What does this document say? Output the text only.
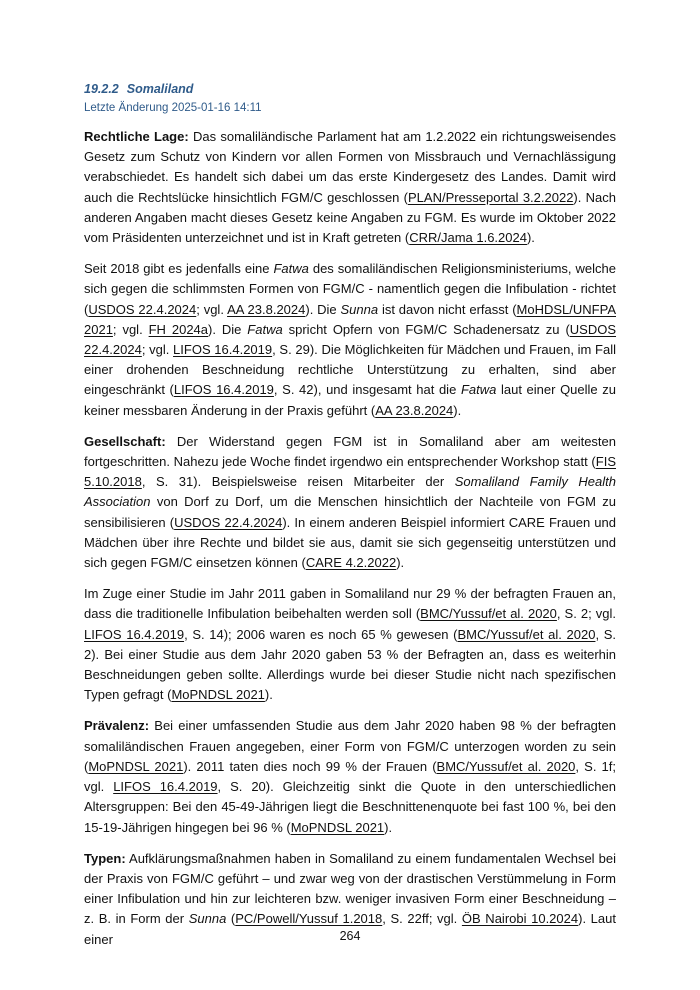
19.2.2 Somaliland
Letzte Änderung 2025-01-16 14:11

Rechtliche Lage: Das somaliländische Parlament hat am 1.2.2022 ein richtungsweisendes Gesetz zum Schutz von Kindern vor allen Formen von Missbrauch und Vernachlässigung verabschiedet. Es handelt sich dabei um das erste Kindergesetz des Landes. Damit wird auch die Rechtslücke hinsichtlich FGM/C geschlossen (PLAN/Presseportal 3.2.2022). Nach anderen Angaben macht dieses Gesetz keine Angaben zu FGM. Es wurde im Oktober 2022 vom Präsidenten unterzeichnet und ist in Kraft getreten (CRR/Jama 1.6.2024).

Seit 2018 gibt es jedenfalls eine Fatwa des somaliländischen Religionsministeriums, welche sich gegen die schlimmsten Formen von FGM/C - namentlich gegen die Infibulation - richtet (USDOS 22.4.2024; vgl. AA 23.8.2024). Die Sunna ist davon nicht erfasst (MoHDSL/UNFPA 2021; vgl. FH 2024a). Die Fatwa spricht Opfern von FGM/C Schadenersatz zu (USDOS 22.4.2024; vgl. LIFOS 16.4.2019, S. 29). Die Möglichkeiten für Mädchen und Frauen, im Fall einer drohenden Beschneidung rechtliche Unterstützung zu erhalten, sind aber eingeschränkt (LIFOS 16.4.2019, S. 42), und insgesamt hat die Fatwa laut einer Quelle zu keiner messbaren Änderung in der Praxis geführt (AA 23.8.2024).

Gesellschaft: Der Widerstand gegen FGM ist in Somaliland aber am weitesten fortgeschritten. Nahezu jede Woche findet irgendwo ein entsprechender Workshop statt (FIS 5.10.2018, S. 31). Beispielsweise reisen Mitarbeiter der Somaliland Family Health Association von Dorf zu Dorf, um die Menschen hinsichtlich der Nachteile von FGM zu sensibilisieren (USDOS 22.4.2024). In einem anderen Beispiel informiert CARE Frauen und Mädchen über ihre Rechte und bildet sie aus, damit sie sich gegenseitig unterstützen und sich gegen FGM/C einsetzen können (CARE 4.2.2022).

Im Zuge einer Studie im Jahr 2011 gaben in Somaliland nur 29 % der befragten Frauen an, dass die traditionelle Infibulation beibehalten werden soll (BMC/Yussuf/et al. 2020, S. 2; vgl. LIFOS 16.4.2019, S. 14); 2006 waren es noch 65 % gewesen (BMC/Yussuf/et al. 2020, S. 2). Bei einer Studie aus dem Jahr 2020 gaben 53 % der Befragten an, dass es weiterhin Beschneidungen geben sollte. Allerdings wurde bei dieser Studie nicht nach spezifischen Typen gefragt (MoPNDSL 2021).

Prävalenz: Bei einer umfassenden Studie aus dem Jahr 2020 haben 98 % der befragten somaliländischen Frauen angegeben, einer Form von FGM/C unterzogen worden zu sein (MoPNDSL 2021). 2011 taten dies noch 99 % der Frauen (BMC/Yussuf/et al. 2020, S. 1f; vgl. LIFOS 16.4.2019, S. 20). Gleichzeitig sinkt die Quote in den unterschiedlichen Altersgruppen: Bei den 45-49-Jährigen liegt die Beschnittenenquote bei fast 100 %, bei den 15-19-Jährigen hingegen bei 96 % (MoPNDSL 2021).

Typen: Aufklärungsmaßnahmen haben in Somaliland zu einem fundamentalen Wechsel bei der Praxis von FGM/C geführt – und zwar weg von der drastischen Verstümmelung in Form einer Infibulation und hin zur leichteren bzw. weniger invasiven Form einer Beschneidung – z. B. in Form der Sunna (PC/Powell/Yussuf 1.2018, S. 22ff; vgl. ÖB Nairobi 10.2024). Laut einer	264
